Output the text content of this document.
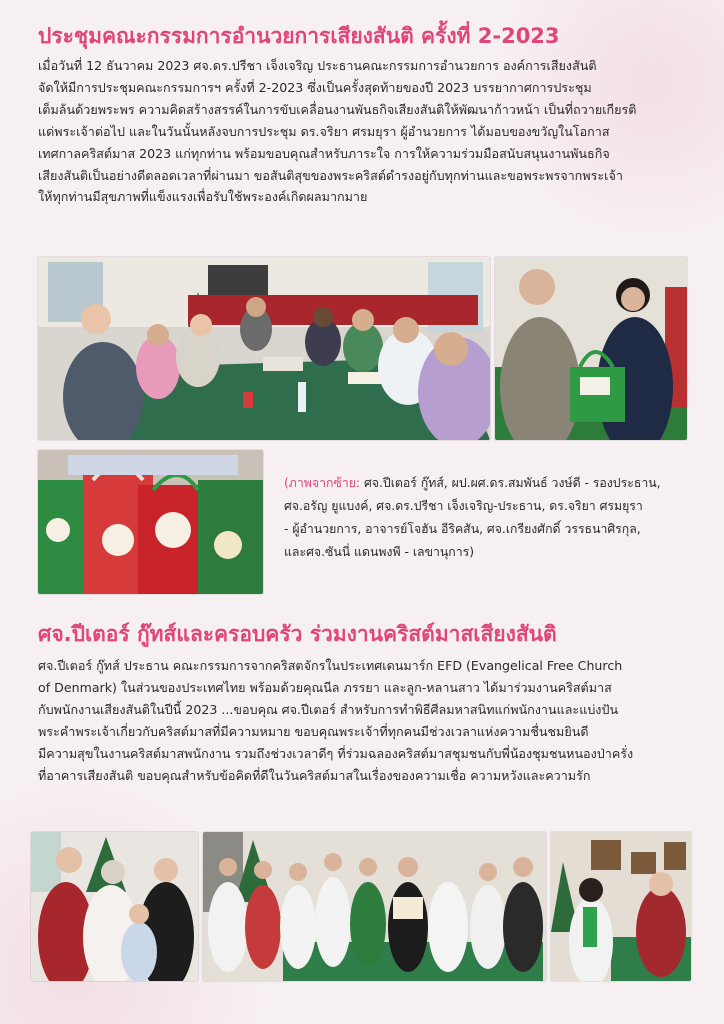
ประชุมคณะกรรมการอำนวยการเสียงสันติ ครั้งที่ 2-2023
เมื่อวันที่ 12 ธันวาคม 2023 ศจ.ดร.ปรีชา เจ็งเจริญ ประธานคณะกรรมการอำนวยการ องค์การเสียงสันติ
จัดให้มีการประชุมคณะกรรมการฯ ครั้งที่ 2-2023 ซึ่งเป็นครั้งสุดท้ายของปี 2023 บรรยากาศการประชุม
เต็มล้นด้วยพระพร ความคิดสร้างสรรค์ในการขับเคลื่อนงานพันธกิจเสียงสันติให้พัฒนาก้าวหน้า เป็นที่ถวายเกียรติ
แด่พระเจ้าต่อไป และในวันนั้นหลังจบการประชุม ดร.จริยา ศรมยุรา ผู้อำนวยการ ได้มอบของขวัญในโอกาส
เทศกาลคริสต์มาส 2023 แก่ทุกท่าน พร้อมขอบคุณสำหรับภาระใจ การให้ความร่วมมือสนับสนุนงานพันธกิจ
เสียงสันติเป็นอย่างดีตลอดเวลาที่ผ่านมา ขอสันติสุขของพระคริสต์ดำรงอยู่กับทุกท่านและขอพระพรจากพระเจ้า
ให้ทุกท่านมีสุขภาพที่แข็งแรงเพื่อรับใช้พระองค์เกิดผลมากมาย
(ภาพจากซ้าย: ศจ.ปีเตอร์ กู๊ทส์, ผป.ผศ.ดร.สมพันธ์ วงษ์ดี - รองประธาน,
ศจ.อรัญ ยูแบงค์, ศจ.ดร.ปรีชา เจ็งเจริญ-ประธาน, ดร.จริยา ศรมยุรา
- ผู้อำนวยการ, อาจารย์โจฮัน อีริคสัน, ศจ.เกรียงศักดิ์ วรรธนาศิรกุล,
และศจ.ซันนี่ แดนพงพี - เลขานุการ)
ศจ.ปีเตอร์ กู๊ทส์และครอบครัว ร่วมงานคริสต์มาสเสียงสันติ
ศจ.ปีเตอร์ กู๊ทส์ ประธาน คณะกรรมการจากคริสตจักรในประเทศเดนมาร์ก EFD (Evangelical Free Church
of Denmark) ในส่วนของประเทศไทย พร้อมด้วยคุณนีล ภรรยา และลูก-หลานสาว ได้มาร่วมงานคริสต์มาส
กับพนักงานเสียงสันติในปีนี้ 2023 ...ขอบคุณ ศจ.ปีเตอร์ สำหรับการทำพิธีศีลมหาสนิทแก่พนักงานและแบ่งปัน
พระคำพระเจ้าเกี่ยวกับคริสต์มาสที่มีความหมาย ขอบคุณพระเจ้าที่ทุกคนมีช่วงเวลาแห่งความชื่นชมยินดี
มีความสุขในงานคริสต์มาสพนักงาน รวมถึงช่วงเวลาดีๆ ที่ร่วมฉลองคริสต์มาสชุมชนกับพี่น้องชุมชนหนองป่าครั่ง
ที่อาคารเสียงสันติ ขอบคุณสำหรับข้อคิดที่ดีในวันคริสต์มาสในเรื่องของความเชื่อ ความหวังและความรัก
